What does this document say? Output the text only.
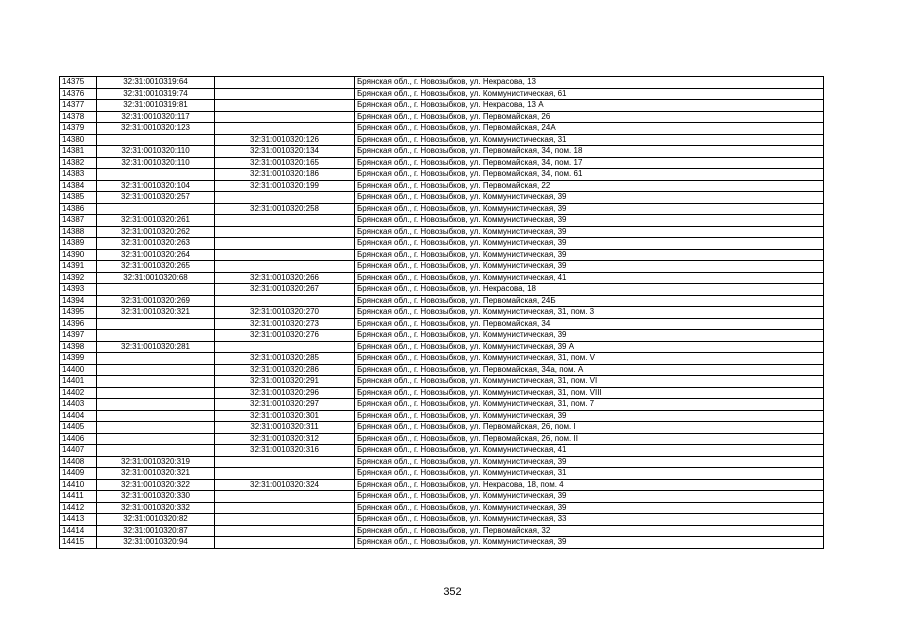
14375	32:31:0010319:64		Брянская обл., г. Новозыбков, ул. Некрасова, 13
14376	32:31:0010319:74		Брянская обл., г. Новозыбков, ул. Коммунистическая, 61
14377	32:31:0010319:81		Брянская обл., г. Новозыбков, ул. Некрасова, 13 А
14378	32:31:0010320:117		Брянская обл., г. Новозыбков, ул. Первомайская, 26
14379	32:31:0010320:123		Брянская обл., г. Новозыбков, ул. Первомайская, 24А
14380		32:31:0010320:126	Брянская обл., г. Новозыбков, ул. Коммунистическая, 31
14381	32:31:0010320:110	32:31:0010320:134	Брянская обл., г. Новозыбков, ул. Первомайская, 34, пом. 18
14382	32:31:0010320:110	32:31:0010320:165	Брянская обл., г. Новозыбков, ул. Первомайская, 34, пом. 17
14383		32:31:0010320:186	Брянская обл., г. Новозыбков, ул. Первомайская, 34, пом. 61
14384	32:31:0010320:104	32:31:0010320:199	Брянская обл., г. Новозыбков, ул. Первомайская, 22
14385	32:31:0010320:257		Брянская обл., г. Новозыбков, ул. Коммунистическая, 39
14386		32:31:0010320:258	Брянская обл., г. Новозыбков, ул. Коммунистическая, 39
14387	32:31:0010320:261		Брянская обл., г. Новозыбков, ул. Коммунистическая, 39
14388	32:31:0010320:262		Брянская обл., г. Новозыбков, ул. Коммунистическая, 39
14389	32:31:0010320:263		Брянская обл., г. Новозыбков, ул. Коммунистическая, 39
14390	32:31:0010320:264		Брянская обл., г. Новозыбков, ул. Коммунистическая, 39
14391	32:31:0010320:265		Брянская обл., г. Новозыбков, ул. Коммунистическая, 39
14392	32:31:0010320:68	32:31:0010320:266	Брянская обл., г. Новозыбков, ул. Коммунистическая, 41
14393		32:31:0010320:267	Брянская обл., г. Новозыбков, ул. Некрасова, 18
14394	32:31:0010320:269		Брянская обл., г. Новозыбков, ул. Первомайская, 24Б
14395	32:31:0010320:321	32:31:0010320:270	Брянская обл., г. Новозыбков, ул. Коммунистическая, 31, пом. 3
14396		32:31:0010320:273	Брянская обл., г. Новозыбков, ул. Первомайская, 34
14397		32:31:0010320:276	Брянская обл., г. Новозыбков, ул. Коммунистическая, 39
14398	32:31:0010320:281		Брянская обл., г. Новозыбков, ул. Коммунистическая, 39 А
14399		32:31:0010320:285	Брянская обл., г. Новозыбков, ул. Коммунистическая, 31, пом. V
14400		32:31:0010320:286	Брянская обл., г. Новозыбков, ул. Первомайская, 34а, пом. А
14401		32:31:0010320:291	Брянская обл., г. Новозыбков, ул. Коммунистическая, 31, пом. VI
14402		32:31:0010320:296	Брянская обл., г. Новозыбков, ул. Коммунистическая, 31, пом. VIII
14403		32:31:0010320:297	Брянская обл., г. Новозыбков, ул. Коммунистическая, 31, пом. 7
14404		32:31:0010320:301	Брянская обл., г. Новозыбков, ул. Коммунистическая, 39
14405		32:31:0010320:311	Брянская обл., г. Новозыбков, ул. Первомайская, 26, пом. I
14406		32:31:0010320:312	Брянская обл., г. Новозыбков, ул. Первомайская, 26, пом. II
14407		32:31:0010320:316	Брянская обл., г. Новозыбков, ул. Коммунистическая, 41
14408	32:31:0010320:319		Брянская обл., г. Новозыбков, ул. Коммунистическая, 39
14409	32:31:0010320:321		Брянская обл., г. Новозыбков, ул. Коммунистическая, 31
14410	32:31:0010320:322	32:31:0010320:324	Брянская обл., г. Новозыбков, ул. Некрасова, 18, пом. 4
14411	32:31:0010320:330		Брянская обл., г. Новозыбков, ул. Коммунистическая, 39
14412	32:31:0010320:332		Брянская обл., г. Новозыбков, ул. Коммунистическая, 39
14413	32:31:0010320:82		Брянская обл., г. Новозыбков, ул. Коммунистическая, 33
14414	32:31:0010320:87		Брянская обл., г. Новозыбков, ул. Первомайская, 32
14415	32:31:0010320:94		Брянская обл., г. Новозыбков, ул. Коммунистическая, 39
352
